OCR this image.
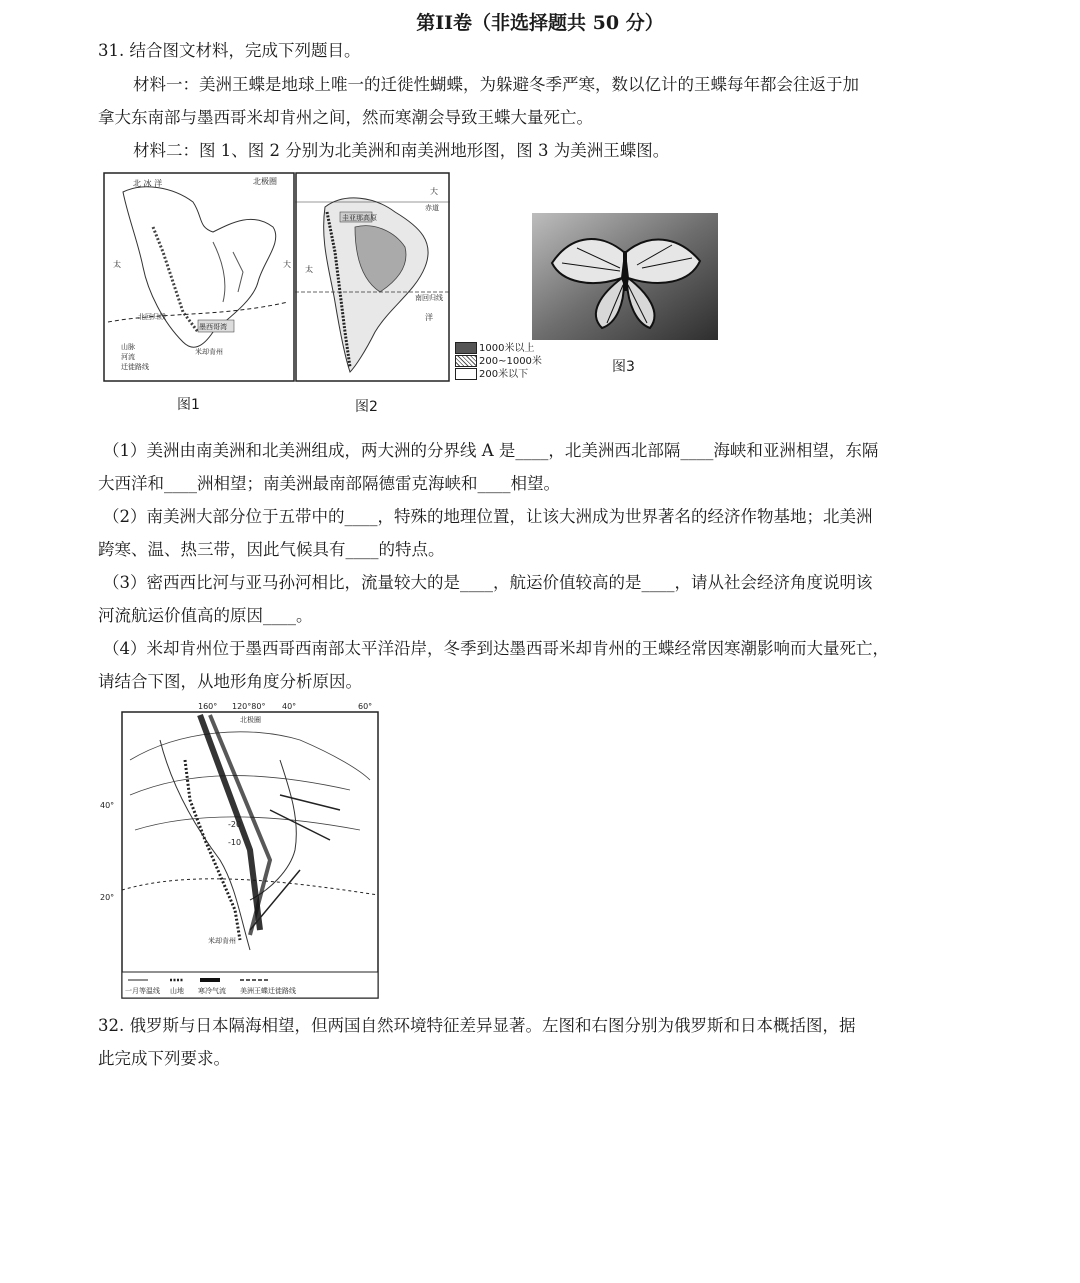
第II卷（非选择题共 50 分）
31. 结合图文材料，完成下列题目。
材料一：美洲王蝶是地球上唯一的迁徙性蝴蝶，为躲避冬季严寒，数以亿计的王蝶每年都会往返于加
拿大东南部与墨西哥米却肯州之间，然而寒潮会导致王蝶大量死亡。
材料二：图 1、图 2 分别为北美洲和南美洲地形图，图 3 为美洲王蝶图。
北 冰 洋	北极圈
太	大
墨西哥湾
北回归线
米却肯州
山脉
河流
迁徙路线
圭亚那高原
大
赤道
太
南回归线
洋
1000米以上
200~1000米
200米以下
图1	图2
图3
（1）美洲由南美洲和北美洲组成，两大洲的分界线 A 是____，北美洲西北部隔____海峡和亚洲相望，东隔
大西洋和____洲相望；南美洲最南部隔德雷克海峡和____相望。
（2）南美洲大部分位于五带中的____，特殊的地理位置，让该大洲成为世界著名的经济作物基地；北美洲
跨寒、温、热三带，因此气候具有____的特点。
（3）密西西比河与亚马孙河相比，流量较大的是____，航运价值较高的是____，请从社会经济角度说明该
河流航运价值高的原因____。
（4）米却肯州位于墨西哥西南部太平洋沿岸，冬季到达墨西哥米却肯州的王蝶经常因寒潮影响而大量死亡，
请结合下图，从地形角度分析原因。
160° 120°80° 40°	60°
40°
20°
北极圈
-20
-10
米却肯州
一月等温线 山地 寒冷气流 美洲王蝶迁徙路线
32. 俄罗斯与日本隔海相望，但两国自然环境特征差异显著。左图和右图分别为俄罗斯和日本概括图，据
此完成下列要求。
